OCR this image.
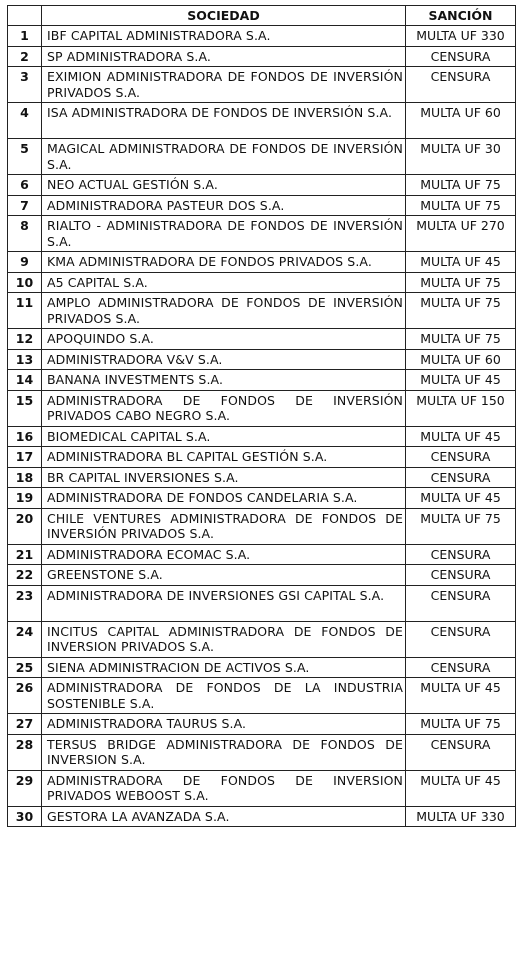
	SOCIEDAD	SANCIÓN
1	IBF CAPITAL ADMINISTRADORA S.A.	MULTA UF 330
2	SP ADMINISTRADORA S.A.	CENSURA
3	EXIMION ADMINISTRADORA DE FONDOS DE INVERSIÓN PRIVADOS S.A.	CENSURA
4	ISA ADMINISTRADORA DE FONDOS DE INVERSIÓN S.A.	MULTA UF 60
5	MAGICAL ADMINISTRADORA DE FONDOS DE INVERSIÓN S.A.	MULTA UF 30
6	NEO ACTUAL GESTIÓN S.A.	MULTA UF 75
7	ADMINISTRADORA PASTEUR DOS S.A.	MULTA UF 75
8	RIALTO - ADMINISTRADORA DE FONDOS DE INVERSIÓN S.A.	MULTA UF 270
9	KMA ADMINISTRADORA DE FONDOS PRIVADOS S.A.	MULTA UF 45
10	A5 CAPITAL S.A.	MULTA UF 75
11	AMPLO ADMINISTRADORA DE FONDOS DE INVERSIÓN PRIVADOS S.A.	MULTA UF 75
12	APOQUINDO S.A.	MULTA UF 75
13	ADMINISTRADORA V&V S.A.	MULTA UF 60
14	BANANA INVESTMENTS S.A.	MULTA UF 45
15	ADMINISTRADORA DE FONDOS DE INVERSIÓN PRIVADOS CABO NEGRO S.A.	MULTA UF 150
16	BIOMEDICAL CAPITAL S.A.	MULTA UF 45
17	ADMINISTRADORA BL CAPITAL GESTIÓN S.A.	CENSURA
18	BR CAPITAL INVERSIONES S.A.	CENSURA
19	ADMINISTRADORA DE FONDOS CANDELARIA S.A.	MULTA UF 45
20	CHILE VENTURES ADMINISTRADORA DE FONDOS DE INVERSIÓN PRIVADOS S.A.	MULTA UF 75
21	ADMINISTRADORA ECOMAC S.A.	CENSURA
22	GREENSTONE S.A.	CENSURA
23	ADMINISTRADORA DE INVERSIONES GSI CAPITAL S.A.	CENSURA
24	INCITUS CAPITAL ADMINISTRADORA DE FONDOS DE INVERSION PRIVADOS S.A.	CENSURA
25	SIENA ADMINISTRACION DE ACTIVOS S.A.	CENSURA
26	ADMINISTRADORA DE FONDOS DE LA INDUSTRIA SOSTENIBLE S.A.	MULTA UF 45
27	ADMINISTRADORA TAURUS S.A.	MULTA UF 75
28	TERSUS BRIDGE ADMINISTRADORA DE FONDOS DE INVERSION S.A.	CENSURA
29	ADMINISTRADORA DE FONDOS DE INVERSION PRIVADOS WEBOOST S.A.	MULTA UF 45
30	GESTORA LA AVANZADA S.A.	MULTA UF 330
